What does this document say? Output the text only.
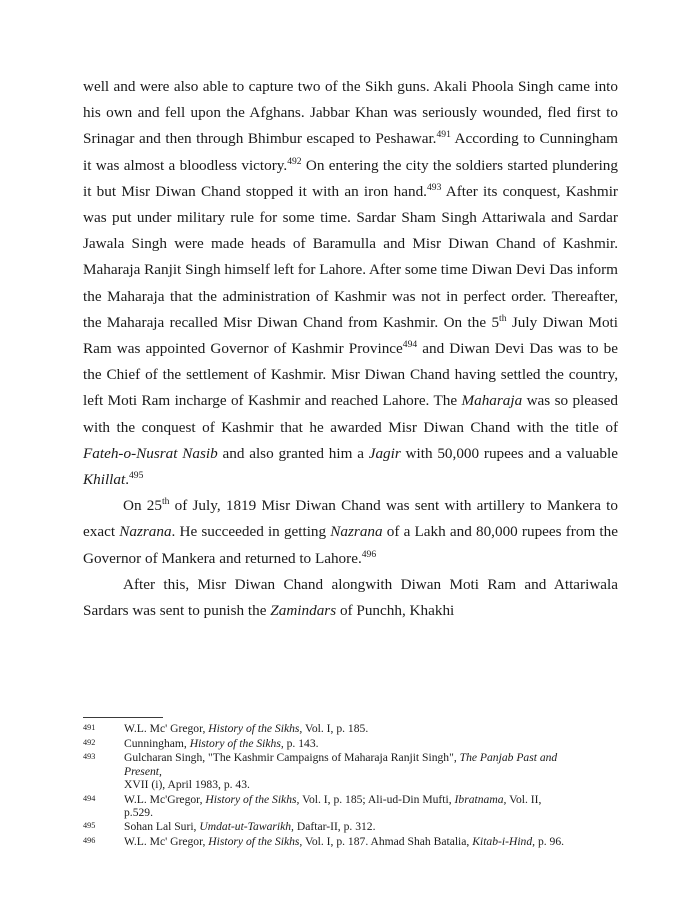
well and were also able to capture two of the Sikh guns. Akali Phoola Singh came into his own and fell upon the Afghans. Jabbar Khan was seriously wounded, fled first to Srinagar and then through Bhimbur escaped to Peshawar.$^{491}$ According to Cunningham it was almost a bloodless victory.$^{492}$ On entering the city the soldiers started plundering it but Misr Diwan Chand stopped it with an iron hand.$^{493}$ After its conquest, Kashmir was put under military rule for some time. Sardar Sham Singh Attariwala and Sardar Jawala Singh were made heads of Baramulla and Misr Diwan Chand of Kashmir. Maharaja Ranjit Singh himself left for Lahore. After some time Diwan Devi Das inform the Maharaja that the administration of Kashmir was not in perfect order. Thereafter, the Maharaja recalled Misr Diwan Chand from Kashmir. On the 5th July Diwan Moti Ram was appointed Governor of Kashmir Province$^{494}$ and Diwan Devi Das was to be the Chief of the settlement of Kashmir. Misr Diwan Chand having settled the country, left Moti Ram incharge of Kashmir and reached Lahore. The Maharaja was so pleased with the conquest of Kashmir that he awarded Misr Diwan Chand with the title of Fateh-o-Nusrat Nasib and also granted him a Jagir with 50,000 rupees and a valuable Khillat.$^{495}$

On 25th of July, 1819 Misr Diwan Chand was sent with artillery to Mankera to exact Nazrana. He succeeded in getting Nazrana of a Lakh and 80,000 rupees from the Governor of Mankera and returned to Lahore.$^{496}$

After this, Misr Diwan Chand alongwith Diwan Moti Ram and Attariwala Sardars was sent to punish the Zamindars of Punchh, Khakhi

491	W.L. Mc' Gregor, History of the Sikhs, Vol. I, p. 185.
492	Cunningham, History of the Sikhs, p. 143.
493	Gulcharan Singh, "The Kashmir Campaigns of Maharaja Ranjit Singh", The Panjab Past andPresent,
XVII (i), April 1983, p. 43.
494	W.L. Mc'Gregor, History of the Sikhs, Vol. I, p. 185; Ali-ud-Din Mufti, Ibratnama, Vol. II,p.529.
495	Sohan Lal Suri, Umdat-ut-Tawarikh, Daftar-II, p. 312.
496	W.L. Mc' Gregor, History of the Sikhs, Vol. I, p. 187. Ahmad Shah Batalia, Kitab-i-Hind, p. 96.
